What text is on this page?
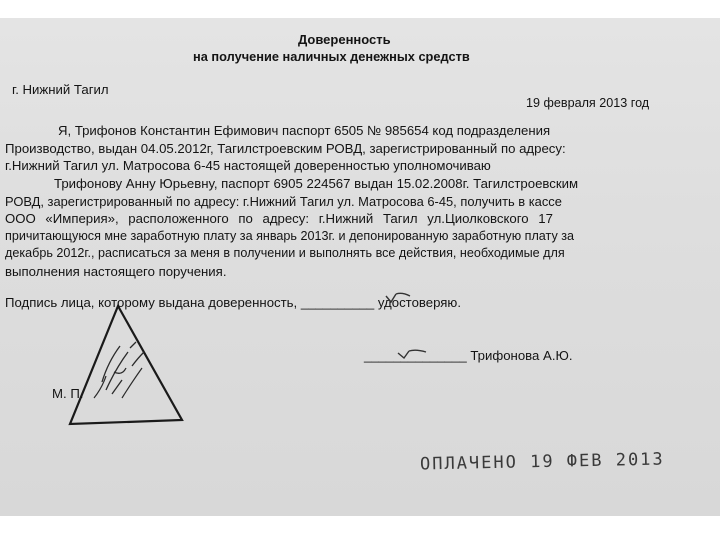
Доверенность
на получение наличных денежных средств
г. Нижний Тагил
19 февраля 2013 год
Я, Трифонов Константин Ефимович паспорт 6505 № 985654 код подразделения
Производство, выдан 04.05.2012г, Тагилстроевским РОВД, зарегистрированный по адресу:
г.Нижний Тагил ул. Матросова 6-45 настоящей доверенностью уполномочиваю
Трифонову Анну Юрьевну, паспорт 6905 224567 выдан 15.02.2008г. Тагилстроевским
РОВД, зарегистрированный по адресу: г.Нижний Тагил ул. Матросова 6-45, получить в кассе
ООО «Империя», расположенного по адресу: г.Нижний Тагил ул.Циолковского 17
причитающуюся мне заработную плату за январь 2013г. и депонированную заработную плату за
декабрь 2012г., расписаться за меня в получении и выполнять все действия, необходимые для
выполнения настоящего поручения.
Подпись лица, которому выдана доверенность, __________ удостоверяю.
______________ Трифонова А.Ю.
М. П.
ОПЛАЧЕНО 19 ФЕВ 2013
